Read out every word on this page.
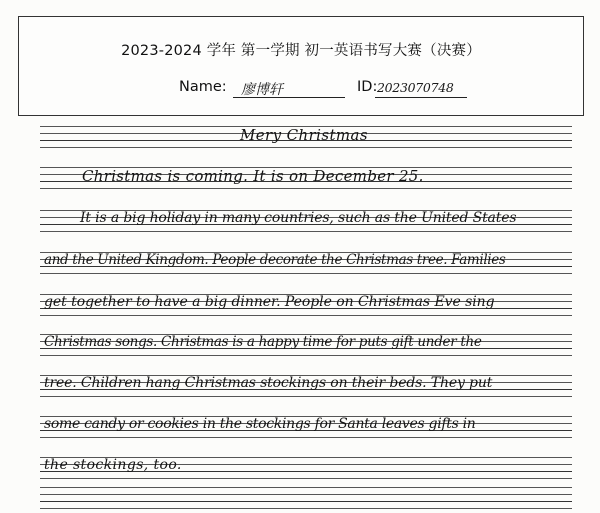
2023-2024 学年 第一学期 初一英语书写大赛（决赛）
Name: 廖博轩	ID: 2023070748
Mery Christmas
Christmas is coming. It is on December 25.
It is a big holiday in many countries, such as the United States
and the United Kingdom. People decorate the Christmas tree. Families
get together to have a big dinner. People on Christmas Eve sing
Christmas songs. Christmas is a happy time for puts gift under the
tree. Children hang Christmas stockings on their beds. They put
some candy or cookies in the stockings for Santa leaves gifts in
the stockings, too.
